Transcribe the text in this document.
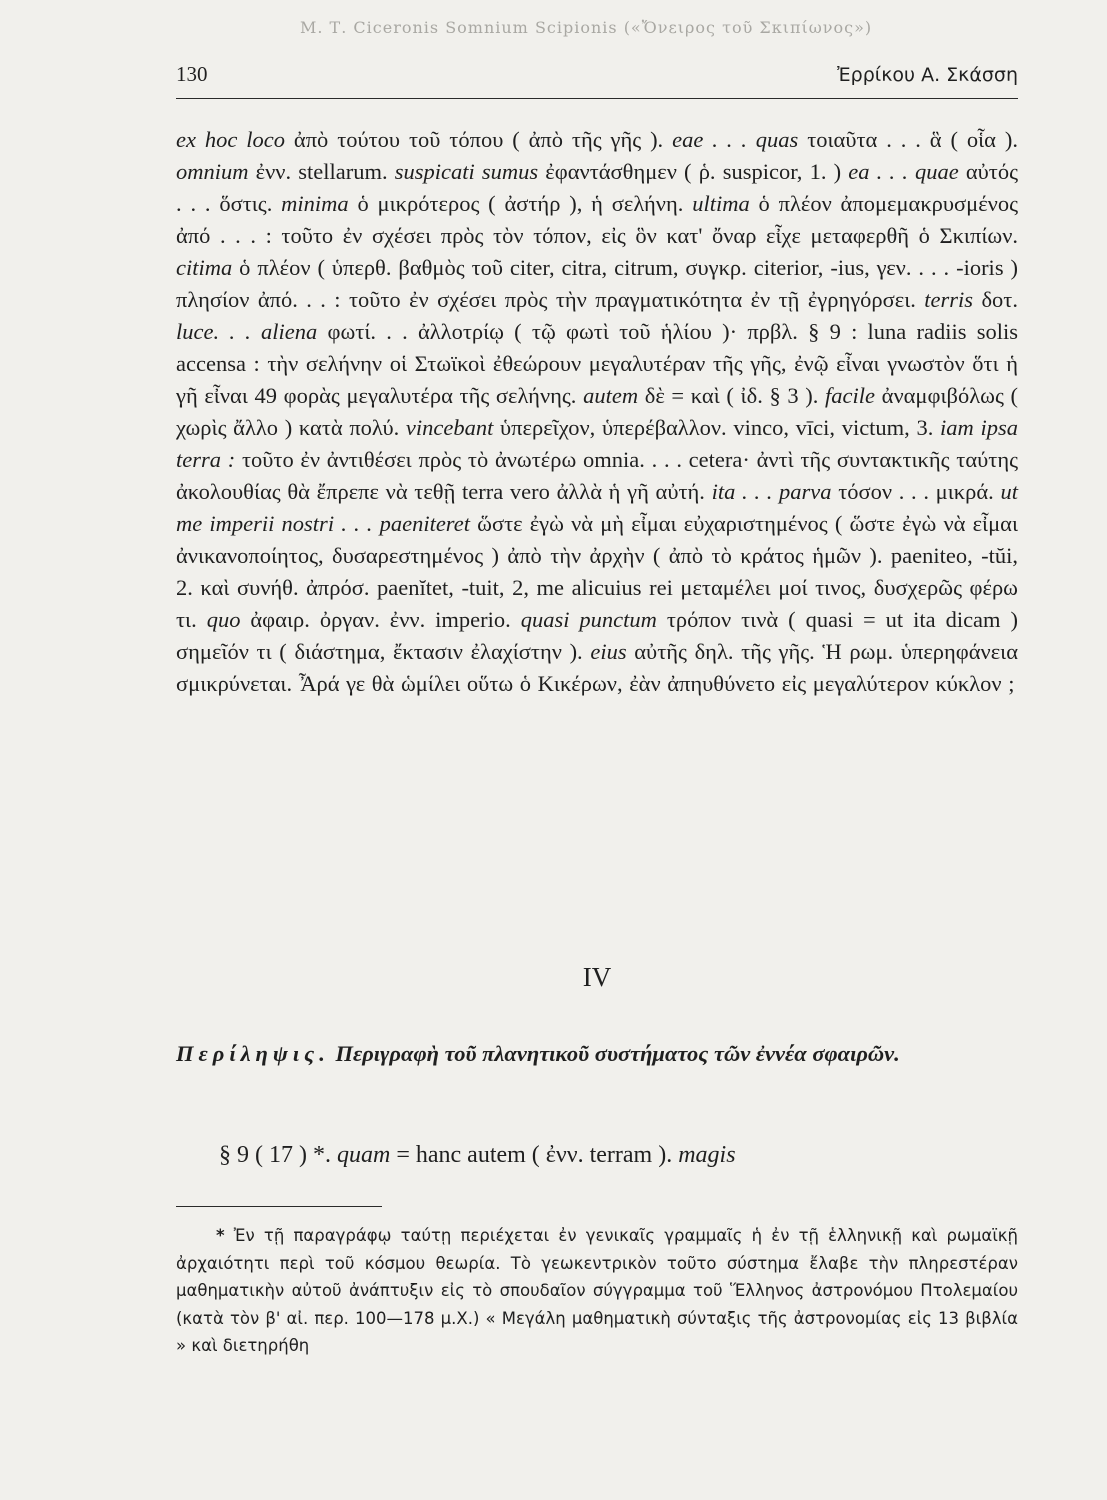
Μ. Τ. Ciceronis Somnium Scipionis («Ὄνειρος τοῦ Σκιπίωνος»)
130	Ἐρρίκου Α. Σκάσση

ex hoc loco ἀπὸ τούτου τοῦ τόπου ( ἀπὸ τῆς γῆς ). eae . . . quas τοιαῦτα . . . ἃ ( οἷα ). omnium ἐνν. stellarum. suspicati sumus ἐφαντάσθημεν ( ῥ. suspicor, 1. ) ea . . . quae αὐτός . . . ὅστις. minima ὁ μικρότερος ( ἀστήρ ), ἡ σελήνη. ultima ὁ πλέον ἀπομεμακρυσμένος ἀπό . . . : τοῦτο ἐν σχέσει πρὸς τὸν τόπον, εἰς ὃν κατ' ὄναρ εἶχε μεταφερθῆ ὁ Σκιπίων. citima ὁ πλέον ( ὑπερθ. βαθμὸς τοῦ citer, citra, citrum, συγκρ. citerior, -ius, γεν. . . . -ioris ) πλησίον ἀπό. . . : τοῦτο ἐν σχέσει πρὸς τὴν πραγματικότητα ἐν τῇ ἐγρηγόρσει. terris δοτ. luce. . . aliena φωτί. . . ἀλλοτρίῳ ( τῷ φωτὶ τοῦ ἡλίου )· πρβλ. § 9 : luna radiis solis accensa : τὴν σελήνην οἱ Στωϊκοὶ ἐθεώρουν μεγαλυτέραν τῆς γῆς, ἐνῷ εἶναι γνωστὸν ὅτι ἡ γῆ εἶναι 49 φορὰς μεγαλυτέρα τῆς σελήνης. autem δὲ = καὶ ( ἰδ. § 3 ). facile ἀναμφιβόλως ( χωρὶς ἄλλο ) κατὰ πολύ. vincebant ὑπερεῖχον, ὑπερέβαλλον. vinco, vīci, victum, 3. iam ipsa terra : τοῦτο ἐν ἀντιθέσει πρὸς τὸ ἀνωτέρω omnia. . . . cetera· ἀντὶ τῆς συντακτικῆς ταύτης ἀκολουθίας θὰ ἔπρεπε νὰ τεθῇ terra vero ἀλλὰ ἡ γῆ αὐτή. ita . . . parva τόσον . . . μικρά. ut me imperii nostri . . . paeniteret ὥστε ἐγὼ νὰ μὴ εἶμαι εὐχαριστημένος ( ὥστε ἐγὼ νὰ εἶμαι ἀνικανοποίητος, δυσαρεστημένος ) ἀπὸ τὴν ἀρχὴν ( ἀπὸ τὸ κράτος ἡμῶν ). paeniteo, -tŭi, 2. καὶ συνήθ. ἀπρόσ. paenĭtet, -tuit, 2, me alicuius rei μεταμέλει μοί τινος, δυσχερῶς φέρω τι. quo ἀφαιρ. ὀργαν. ἐνν. imperio. quasi punctum τρόπον τινὰ ( quasi = ut ita dicam ) σημεῖόν τι ( διάστημα, ἔκτασιν ἐλαχίστην ). eius αὐτῆς δηλ. τῆς γῆς. Ἡ ρωμ. ὑπερηφάνεια σμικρύνεται. Ἆρά γε θὰ ὡμίλει οὕτω ὁ Κικέρων, ἐὰν ἀπηυθύνετο εἰς μεγαλύτερον κύκλον ;

IV
Περίληψις. Περιγραφὴ τοῦ πλανητικοῦ συστήματος τῶν ἐννέα σφαιρῶν.
§ 9 ( 17 ) *. quam = hanc autem ( ἐνν. terram ). magis
* Ἐν τῇ παραγράφῳ ταύτῃ περιέχεται ἐν γενικαῖς γραμμαῖς ἡ ἐν τῇ ἑλληνικῇ καὶ ρωμαϊκῇ ἀρχαιότητι περὶ τοῦ κόσμου θεωρία. Τὸ γεωκεντρικὸν τοῦτο σύστημα ἔλαβε τὴν πληρεστέραν μαθηματικὴν αὐτοῦ ἀνάπτυξιν εἰς τὸ σπουδαῖον σύγγραμμα τοῦ Ἕλληνος ἀστρονόμου Πτολεμαίου (κατὰ τὸν β' αἰ. περ. 100—178 μ.Χ.) « Μεγάλη μαθηματικὴ σύνταξις τῆς ἀστρονομίας εἰς 13 βιβλία » καὶ διετηρήθη
